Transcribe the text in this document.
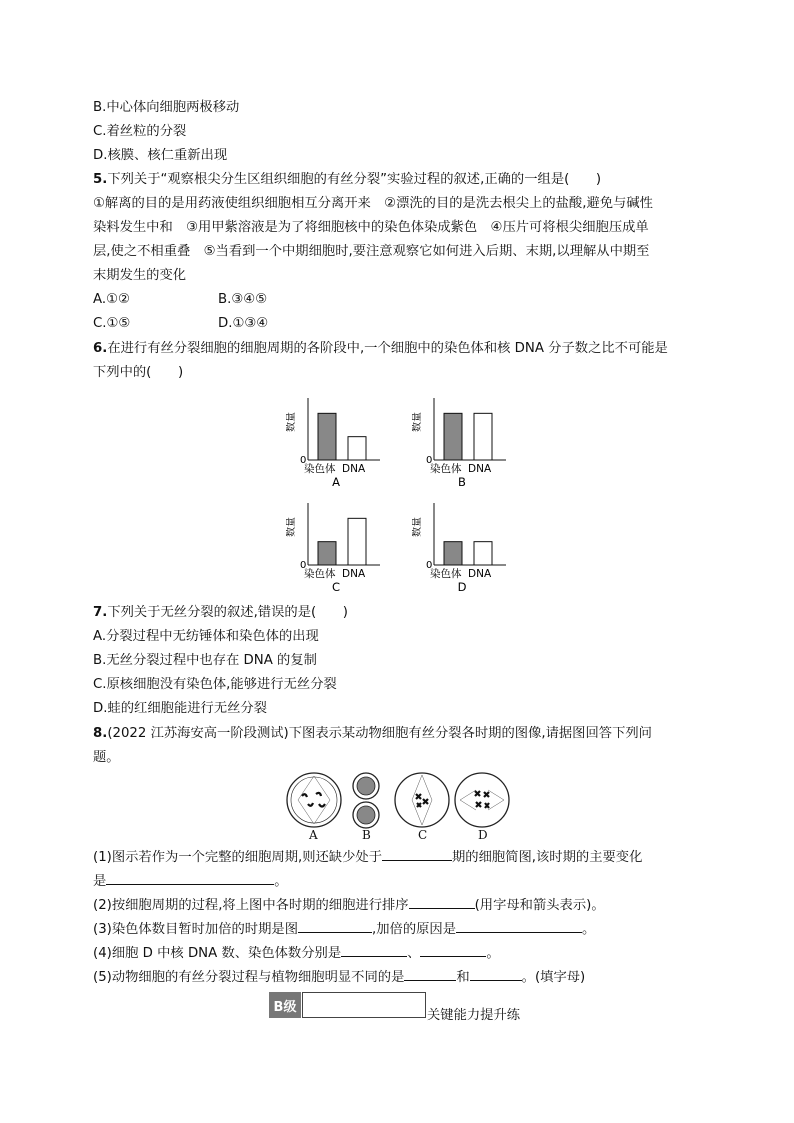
B.中心体向细胞两极移动
C.着丝粒的分裂
D.核膜、核仁重新出现
5.下列关于“观察根尖分生区组织细胞的有丝分裂”实验过程的叙述,正确的一组是(　　)
①解离的目的是用药液使组织细胞相互分离开来　②漂洗的目的是洗去根尖上的盐酸,避免与碱性
染料发生中和　③用甲紫溶液是为了将细胞核中的染色体染成紫色　④压片可将根尖细胞压成单
层,使之不相重叠　⑤当看到一个中期细胞时,要注意观察它如何进入后期、末期,以理解从中期至
末期发生的变化
A.①②	B.③④⑤
C.①⑤	D.①③④
6.在进行有丝分裂细胞的细胞周期的各阶段中,一个细胞中的染色体和核 DNA 分子数之比不可能是
下列中的(　　)
数量
0
染色体 DNA
A
数量
0
染色体 DNA
B
数量
0
染色体 DNA
C
数量
0
染色体 DNA
D
7.下列关于无丝分裂的叙述,错误的是(　　)
A.分裂过程中无纺锤体和染色体的出现
B.无丝分裂过程中也存在 DNA 的复制
C.原核细胞没有染色体,能够进行无丝分裂
D.蛙的红细胞能进行无丝分裂
8.(2022 江苏海安高一阶段测试)下图表示某动物细胞有丝分裂各时期的图像,请据图回答下列问
题。
A	B	C	D
(1)图示若作为一个完整的细胞周期,则还缺少处于	期的细胞简图,该时期的主要变化
是	。
(2)按细胞周期的过程,将上图中各时期的细胞进行排序	(用字母和箭头表示)。
(3)染色体数目暂时加倍的时期是图	,加倍的原因是	。
(4)细胞 D 中核 DNA 数、染色体数分别是	、	。
(5)动物细胞的有丝分裂过程与植物细胞明显不同的是	和	。(填字母)
B级
关键能力提升练
